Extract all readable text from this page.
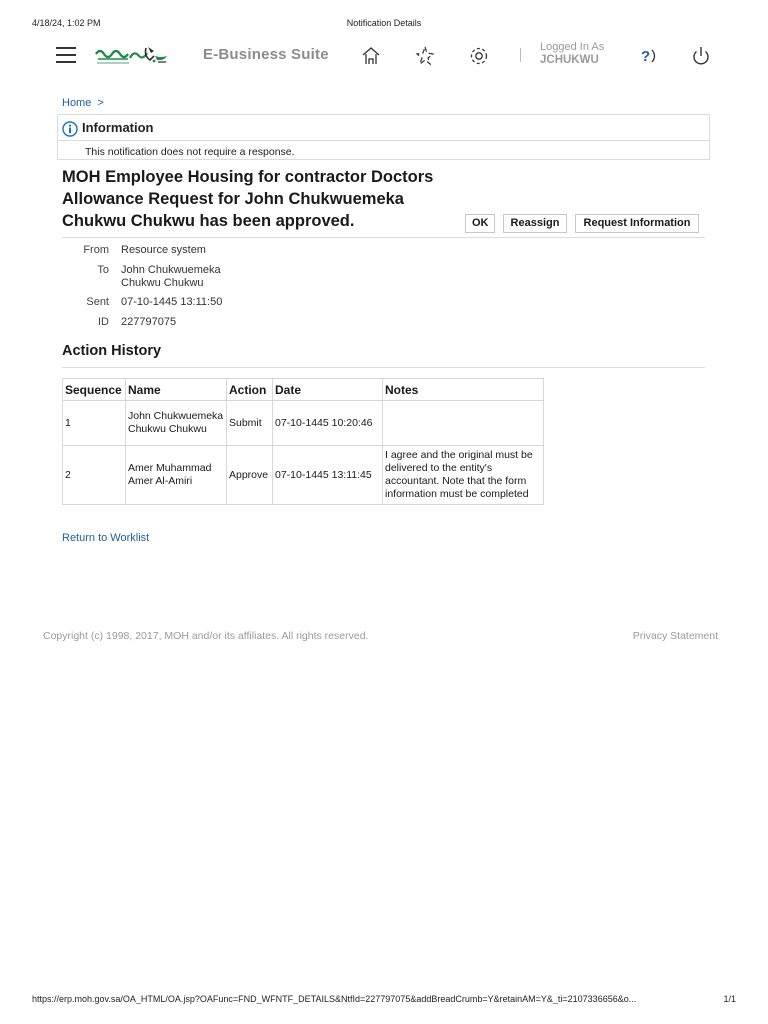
4/18/24, 1:02 PM	Notification Details
E-Business Suite	Logged In As
JCHUKWU	?
Home >
Information
This notification does not require a response.
MOH Employee Housing for contractor Doctors Allowance Request for John Chukwuemeka Chukwu Chukwu has been approved.	OK	Reassign	Request Information
From Resource system
To John Chukwuemeka
Chukwu Chukwu
Sent 07-10-1445 13:11:50
ID 227797075
Action History
Sequence	Name	Action	Date	Notes
1	John Chukwuemeka Chukwu Chukwu	Submit	07-10-1445 10:20:46	
2	Amer Muhammad Amer Al-Amiri	Approve	07-10-1445 13:11:45	I agree and the original must be delivered to the entity's accountant. Note that the form information must be completed
Return to Worklist
Copyright (c) 1998, 2017, MOH and/or its affiliates. All rights reserved.	Privacy Statement
https://erp.moh.gov.sa/OA_HTML/OA.jsp?OAFunc=FND_WFNTF_DETAILS&NtfId=227797075&addBreadCrumb=Y&retainAM=Y&_ti=2107336656&o...	1/1
